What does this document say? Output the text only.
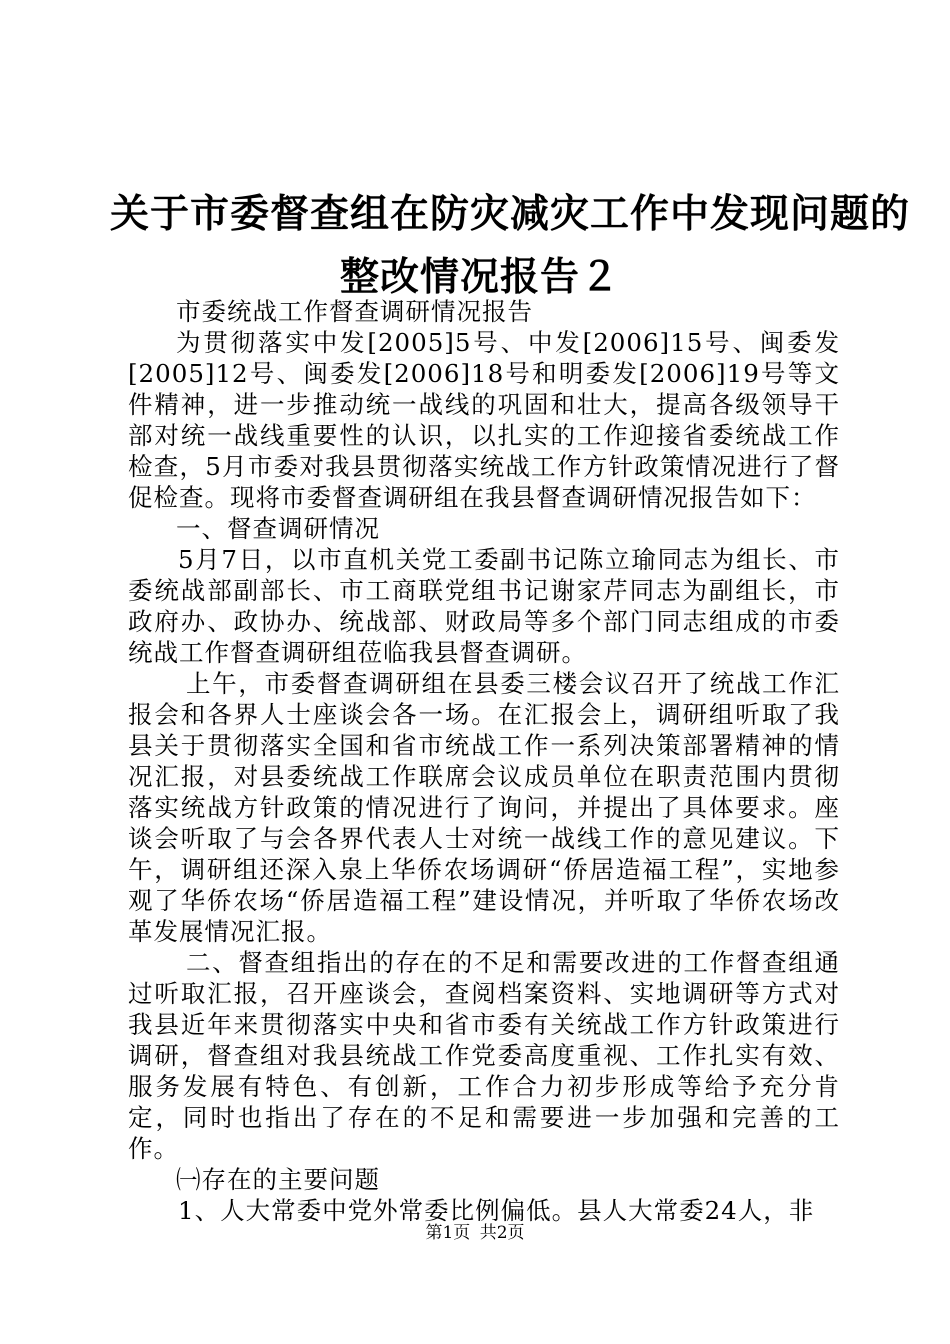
关于市委督查组在防灾减灾工作中发现问题的
整改情况报告２

市委统战工作督查调研情况报告

为贯彻落实中发[2005]5号、中发[2006]15号、闽委发[2005]12号、闽委发[2006]18号和明委发[2006]19号等文件精神，进一步推动统一战线的巩固和壮大，提高各级领导干部对统一战线重要性的认识，以扎实的工作迎接省委统战工作检查，5月市委对我县贯彻落实统战工作方针政策情况进行了督促检查。现将市委督查调研组在我县督查调研情况报告如下：

一、督查调研情况

5月7日，以市直机关党工委副书记陈立瑜同志为组长、市委统战部副部长、市工商联党组书记谢家芹同志为副组长，市政府办、政协办、统战部、财政局等多个部门同志组成的市委统战工作督查调研组莅临我县督查调研。

上午，市委督查调研组在县委三楼会议召开了统战工作汇报会和各界人士座谈会各一场。在汇报会上，调研组听取了我县关于贯彻落实全国和省市统战工作一系列决策部署精神的情况汇报，对县委统战工作联席会议成员单位在职责范围内贯彻落实统战方针政策的情况进行了询问，并提出了具体要求。座谈会听取了与会各界代表人士对统一战线工作的意见建议。下午，调研组还深入泉上华侨农场调研“侨居造福工程”，实地参观了华侨农场“侨居造福工程”建设情况，并听取了华侨农场改革发展情况汇报。

二、督查组指出的存在的不足和需要改进的工作督查组通过听取汇报，召开座谈会，查阅档案资料、实地调研等方式对我县近年来贯彻落实中央和省市委有关统战工作方针政策进行调研，督查组对我县统战工作党委高度重视、工作扎实有效、服务发展有特色、有创新，工作合力初步形成等给予充分肯定，同时也指出了存在的不足和需要进一步加强和完善的工作。

㈠存在的主要问题

1、人大常委中党外常委比例偏低。县人大常委24人，非

第1页 共2页
